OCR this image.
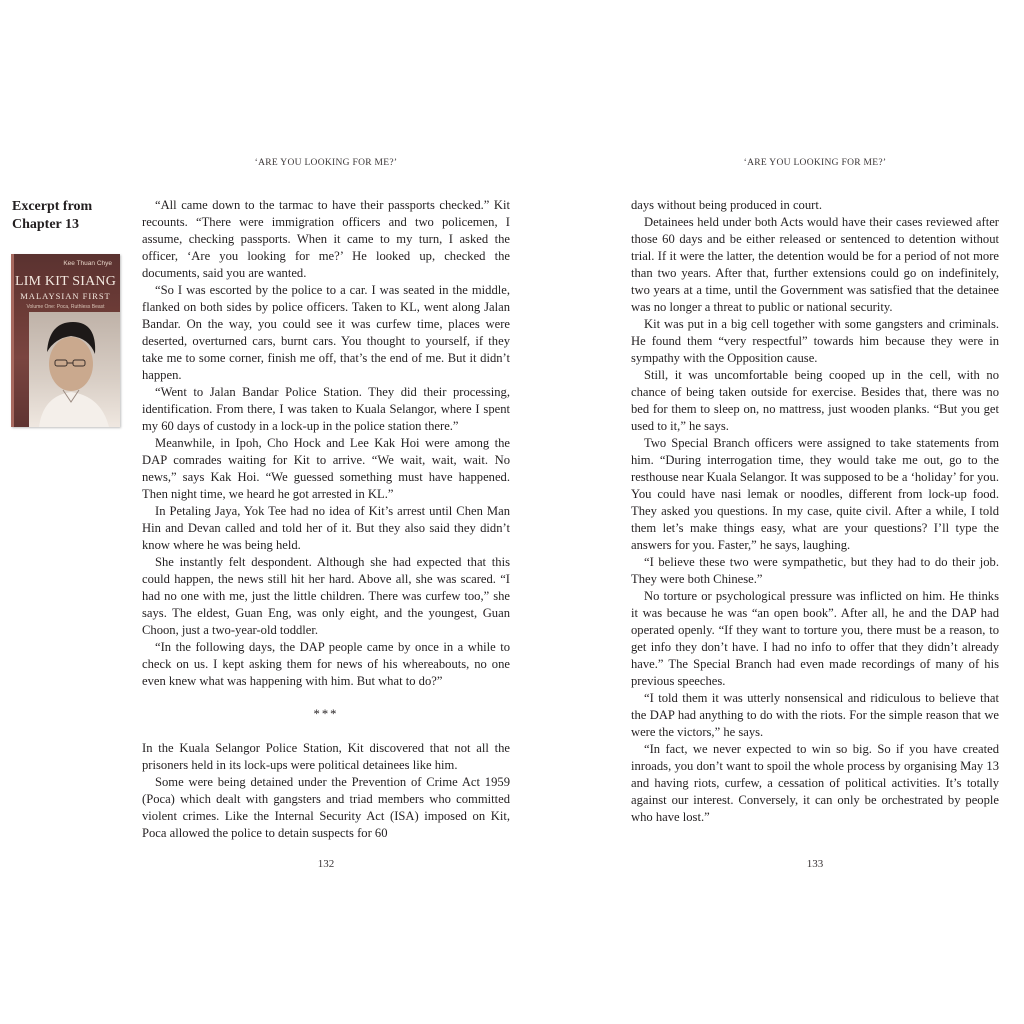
Excerpt from
Chapter 13
Kee Thuan Chye
LIM KIT SIANG
MALAYSIAN FIRST
Volume One: Poca, Ruthless Beast
‘ARE YOU LOOKING FOR ME?’

“All came down to the tarmac to have their passports checked.” Kit recounts. “There were immigration officers and two policemen, I assume, checking passports. When it came to my turn, I asked the officer, ‘Are you looking for me?’ He looked up, checked the documents, said you are wanted.

“So I was escorted by the police to a car. I was seated in the middle, flanked on both sides by police officers. Taken to KL, went along Jalan Bandar. On the way, you could see it was curfew time, places were deserted, overturned cars, burnt cars. You thought to yourself, if they take me to some corner, finish me off, that’s the end of me. But it didn’t happen.

“Went to Jalan Bandar Police Station. They did their processing, identification. From there, I was taken to Kuala Selangor, where I spent my 60 days of custody in a lock-up in the police station there.”

Meanwhile, in Ipoh, Cho Hock and Lee Kak Hoi were among the DAP comrades waiting for Kit to arrive. “We wait, wait, wait. No news,” says Kak Hoi. “We guessed something must have happened. Then night time, we heard he got arrested in KL.”

In Petaling Jaya, Yok Tee had no idea of Kit’s arrest until Chen Man Hin and Devan called and told her of it. But they also said they didn’t know where he was being held.

She instantly felt despondent. Although she had expected that this could happen, the news still hit her hard. Above all, she was scared. “I had no one with me, just the little children. There was curfew too,” she says. The eldest, Guan Eng, was only eight, and the youngest, Guan Choon, just a two-year-old toddler.

“In the following days, the DAP people came by once in a while to check on us. I kept asking them for news of his whereabouts, no one even knew what was happening with him. But what to do?”

***

In the Kuala Selangor Police Station, Kit discovered that not all the prisoners held in its lock-ups were political detainees like him.

Some were being detained under the Prevention of Crime Act 1959 (Poca) which dealt with gangsters and triad members who committed violent crimes. Like the Internal Security Act (ISA) imposed on Kit, Poca allowed the police to detain suspects for 60

132
‘ARE YOU LOOKING FOR ME?’

days without being produced in court.

Detainees held under both Acts would have their cases reviewed after those 60 days and be either released or sentenced to detention without trial. If it were the latter, the detention would be for a period of not more than two years. After that, further extensions could go on indefinitely, two years at a time, until the Government was satisfied that the detainee was no longer a threat to public or national security.

Kit was put in a big cell together with some gangsters and criminals. He found them “very respectful” towards him because they were in sympathy with the Opposition cause.

Still, it was uncomfortable being cooped up in the cell, with no chance of being taken outside for exercise. Besides that, there was no bed for them to sleep on, no mattress, just wooden planks. “But you get used to it,” he says.

Two Special Branch officers were assigned to take statements from him. “During interrogation time, they would take me out, go to the resthouse near Kuala Selangor. It was supposed to be a ‘holiday’ for you. You could have nasi lemak or noodles, different from lock-up food. They asked you questions. In my case, quite civil. After a while, I told them let’s make things easy, what are your questions? I’ll type the answers for you. Faster,” he says, laughing.

“I believe these two were sympathetic, but they had to do their job. They were both Chinese.”

No torture or psychological pressure was inflicted on him. He thinks it was because he was “an open book”. After all, he and the DAP had operated openly. “If they want to torture you, there must be a reason, to get info they don’t have. I had no info to offer that they didn’t already have.” The Special Branch had even made recordings of many of his previous speeches.

“I told them it was utterly nonsensical and ridiculous to believe that the DAP had anything to do with the riots. For the simple reason that we were the victors,” he says.

“In fact, we never expected to win so big. So if you have created inroads, you don’t want to spoil the whole process by organising May 13 and having riots, curfew, a cessation of political activities. It’s totally against our interest. Conversely, it can only be orchestrated by people who have lost.”

133
